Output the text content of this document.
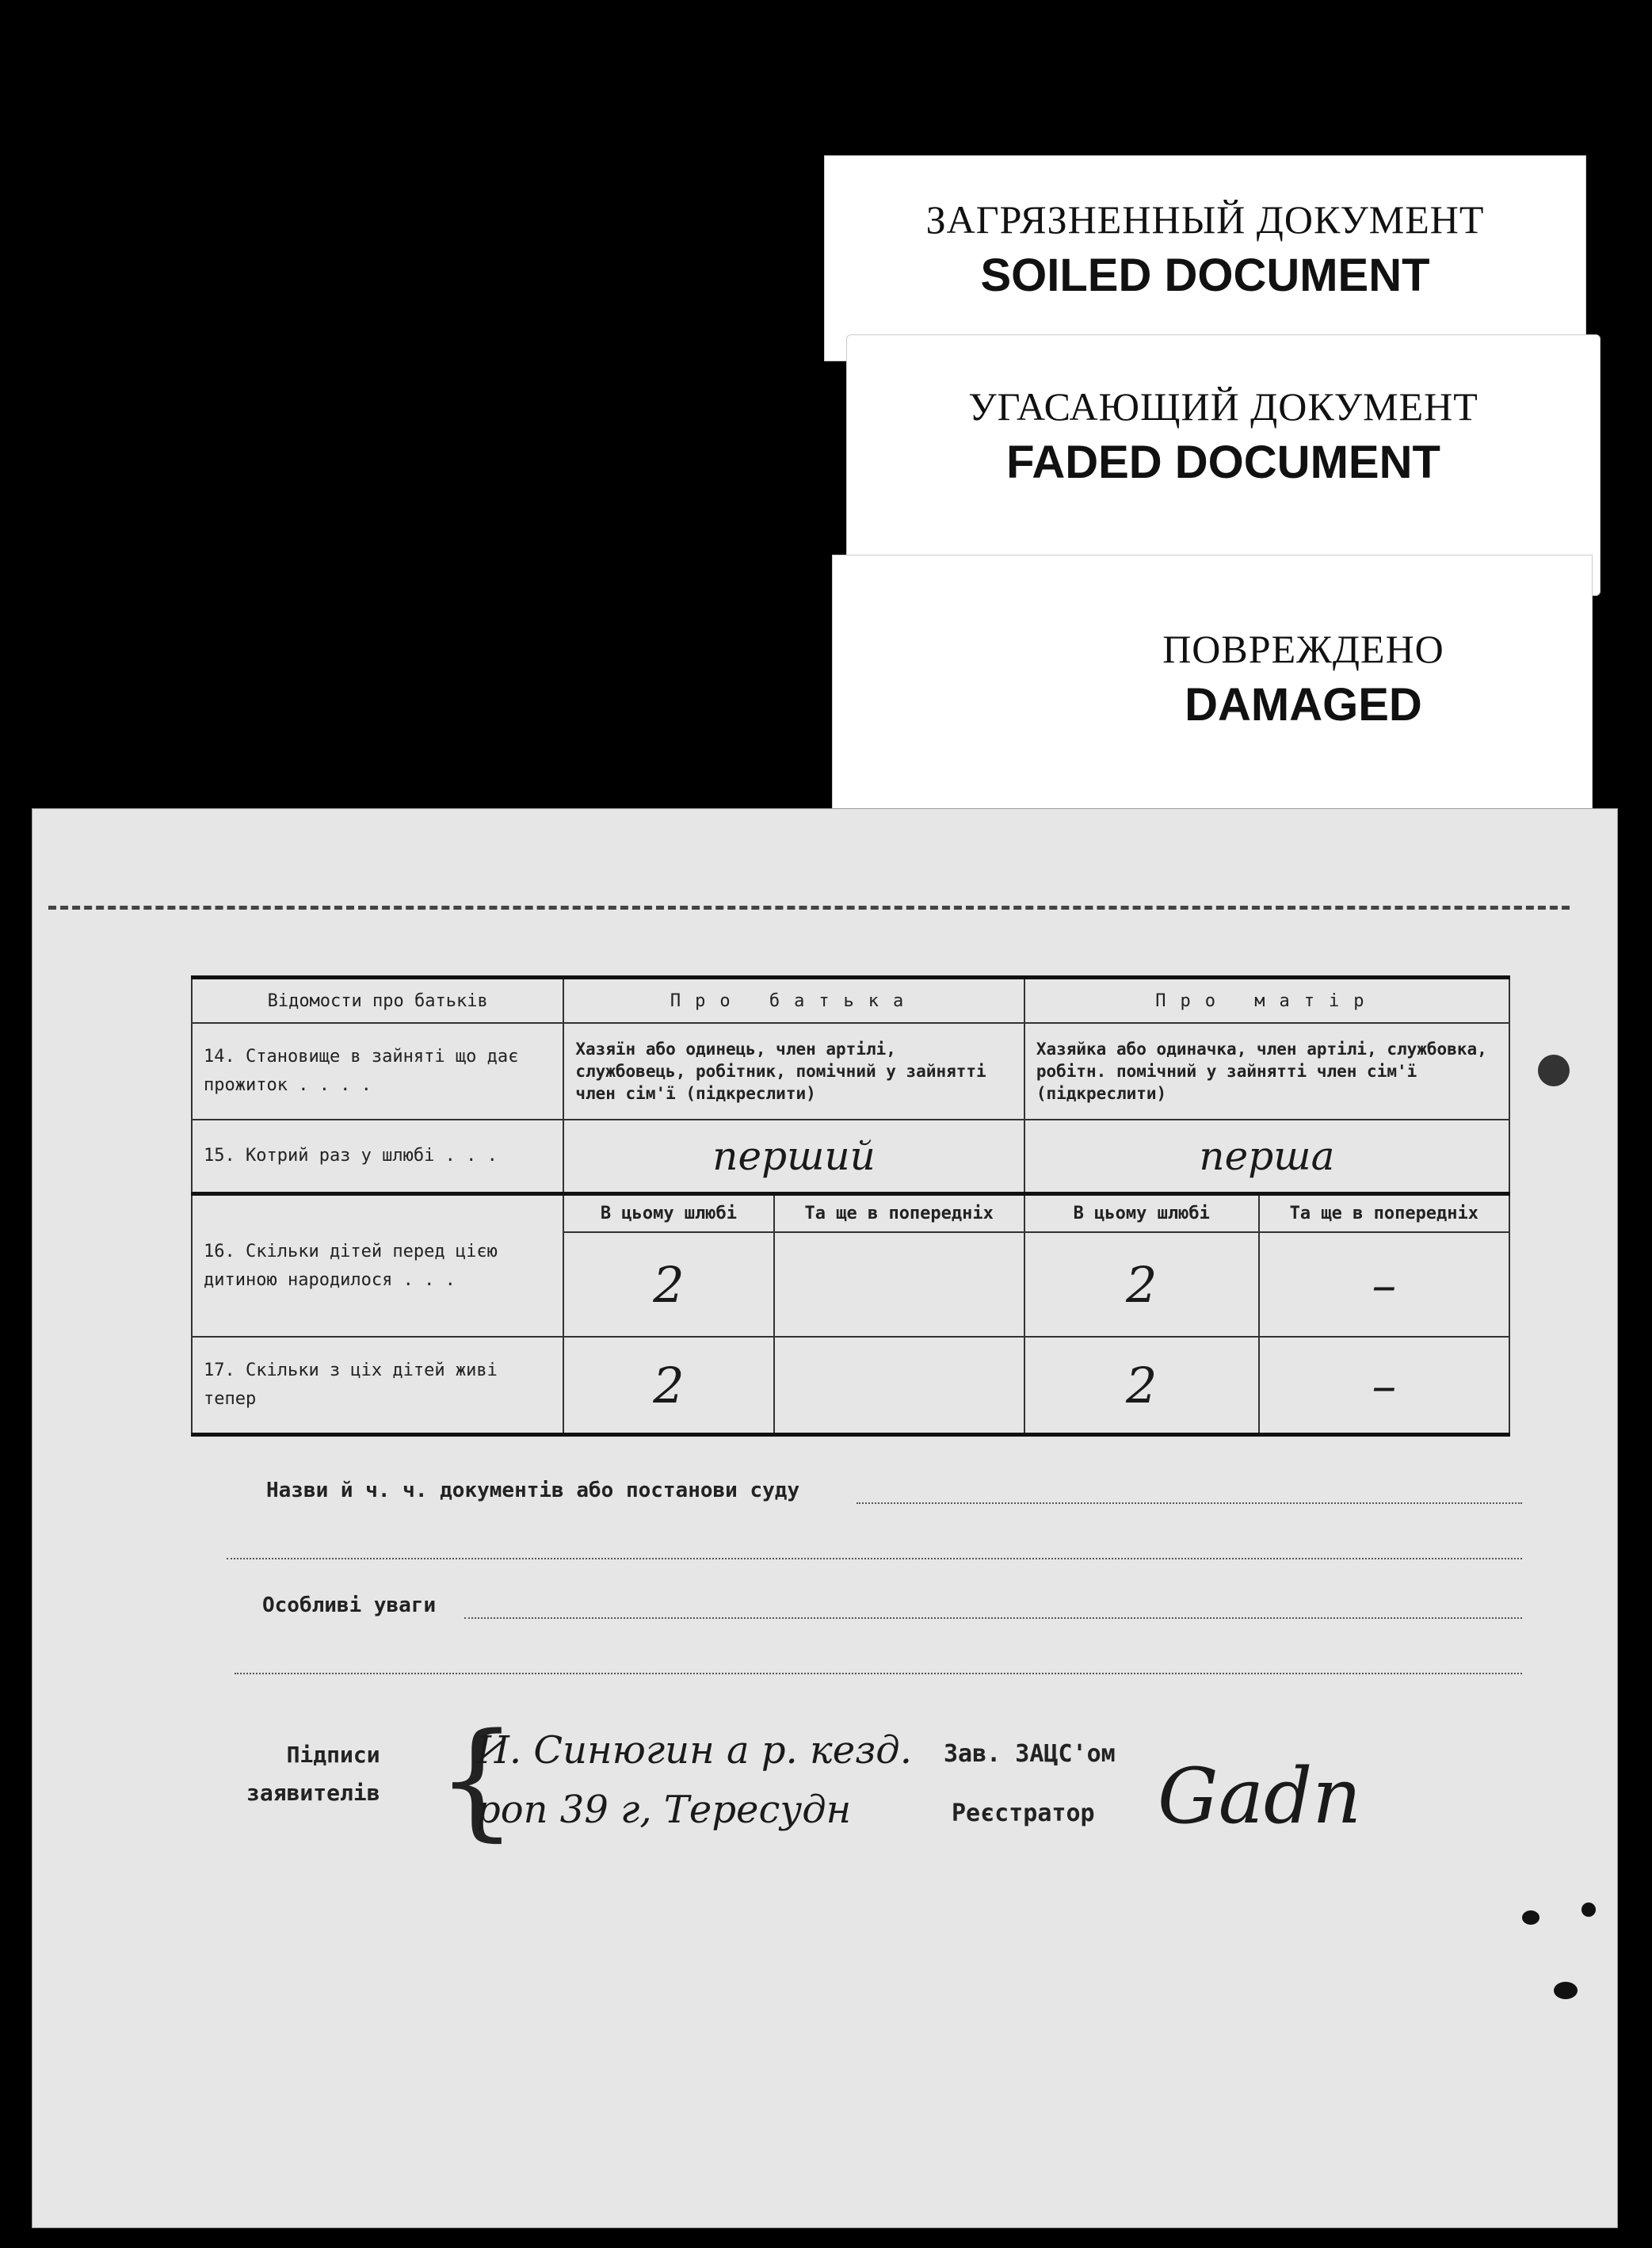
ЗАГРЯЗНЕННЫЙ ДОКУМЕНТ
SOILED DOCUMENT
УГАСАЮЩИЙ ДОКУМЕНТ
FADED DOCUMENT
ПОВРЕЖДЕНО
DAMAGED
Відомости про батьків	Про батька		Про матір	
14. Становище в зайняті що дає прожиток . . . .	Хазяїн або одинець, член артілі, службовець, робітник, помічний у зайнятті член сім'ї (підкреслити)		Хазяйка або одиначка, член артілі, службовка, робітн. помічний у зайнятті член сім'ї (підкреслити)	
15. Котрий раз у шлюбі . . .	перший		перша	

16. Скільки дітей перед цією дитиною народилося . . .	В цьому шлюбі	Та ще в попередніх	В цьому шлюбі	Та ще в попередніх
	2		2	–
17. Скільки з ціх дітей живі тепер	2		2	–
Назви й ч. ч. документів або постанови суду
Особливі уваги
Підписи
заявителів {
И. Синюгин а р. кезд.
роп 39 г, Тересудн
Зав. ЗАЦС'ом
Реєстратор Gadn
